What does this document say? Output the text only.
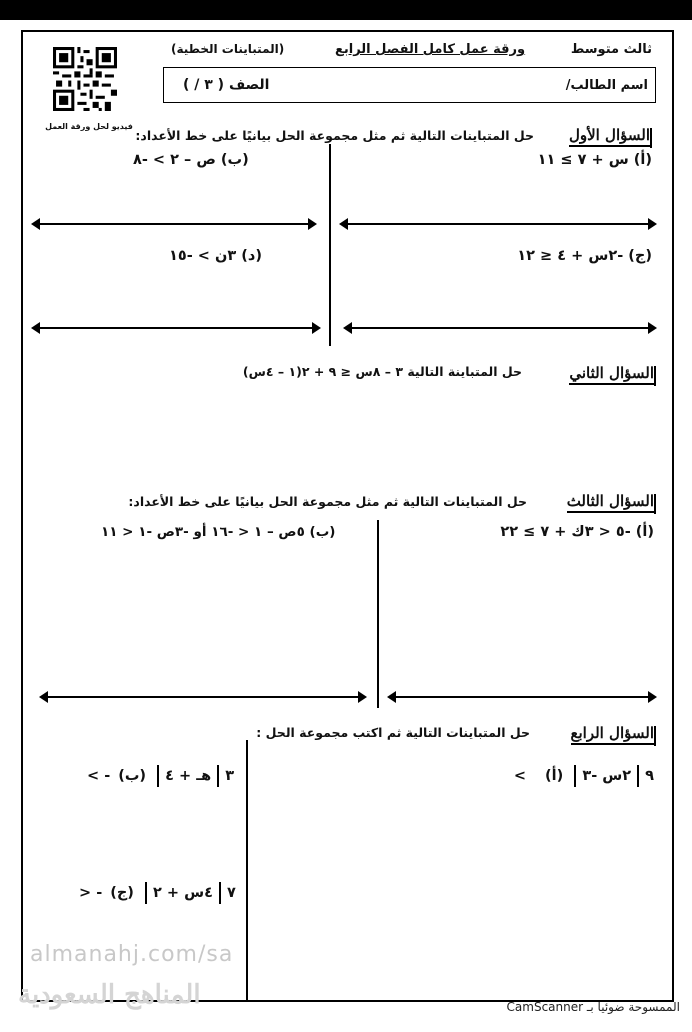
فيديو لحل ورقة العمل
ثالث متوسط
ورقة عمل كامل الفصل الرابع
(المتباينات الخطية)
اسم الطالب/
الصف ( ٣ / )
السؤال الأول
حل المتباينات التالية ثم مثل مجموعة الحل بيانيًا على خط الأعداد:
(أ) س + ٧ ≥ ١١
(ب) ص – ٢ > -٨
(ج) -٢س + ٤ ≤ ١٢
(د) ٣ن > -١٥
السؤال الثاني
حل المتباينة التالية ٣ – ٨س ≤ ٩ + ٢(١ – ٤س)
السؤال الثالث
حل المتباينات التالية ثم مثل مجموعة الحل بيانيًا على خط الأعداد:
(أ) -٥ < ٣ك + ٧ ≥ ٢٢
(ب) ٥ص – ١ < -١٦ أو -٣ص -١ < ١١
السؤال الرابع
حل المتباينات التالية ثم اكتب مجموعة الحل :
< ٩٢س -٣ (أ)
< -٣هـ + ٤ (ب)
> -٧٤س + ٢ (ج)
almanahj.com/sa
المناهج السعودية	الممسوحة ضوئيا بـ CamScanner
